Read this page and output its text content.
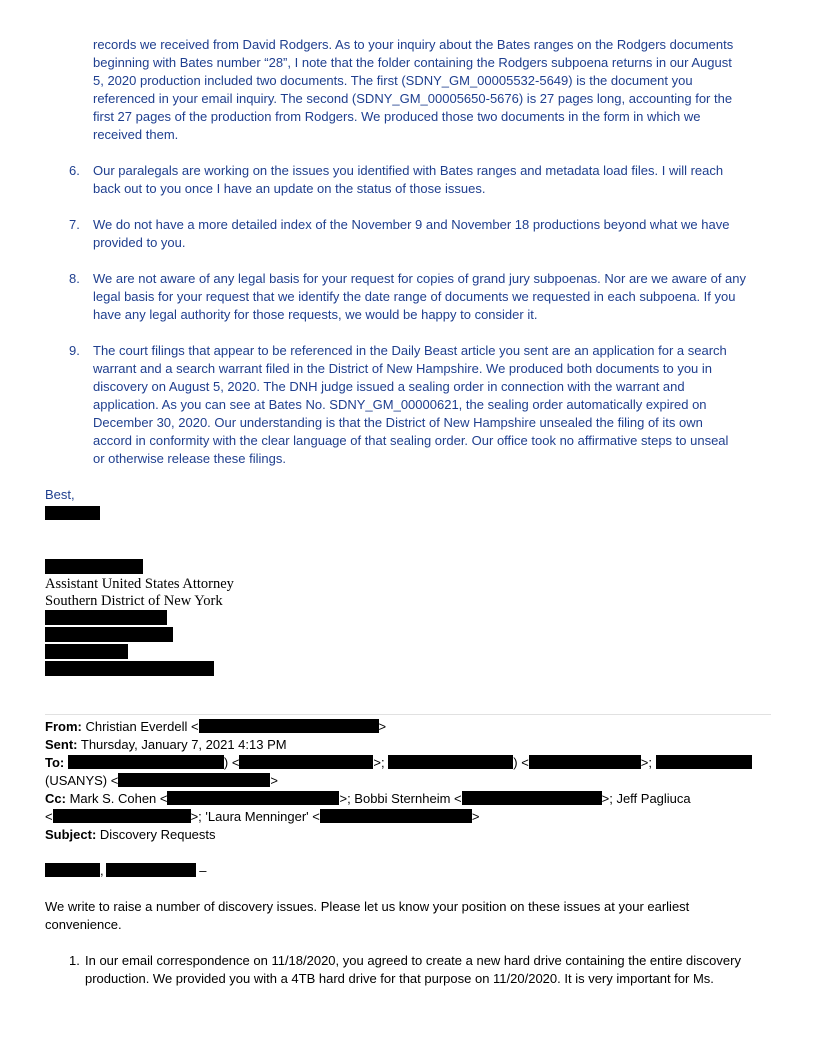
records we received from David Rodgers. As to your inquiry about the Bates ranges on the Rodgers documents
beginning with Bates number “28”, I note that the folder containing the Rodgers subpoena returns in our August
5, 2020 production included two documents. The first (SDNY_GM_00005532-5649) is the document you
referenced in your email inquiry. The second (SDNY_GM_00005650-5676) is 27 pages long, accounting for the
first 27 pages of the production from Rodgers. We produced those two documents in the form in which we
received them.
6. Our paralegals are working on the issues you identified with Bates ranges and metadata load files. I will reach
back out to you once I have an update on the status of those issues.
7. We do not have a more detailed index of the November 9 and November 18 productions beyond what we have
provided to you.
8. We are not aware of any legal basis for your request for copies of grand jury subpoenas. Nor are we aware of any
legal basis for your request that we identify the date range of documents we requested in each subpoena. If you
have any legal authority for those requests, we would be happy to consider it.
9. The court filings that appear to be referenced in the Daily Beast article you sent are an application for a search
warrant and a search warrant filed in the District of New Hampshire. We produced both documents to you in
discovery on August 5, 2020. The DNH judge issued a sealing order in connection with the warrant and
application. As you can see at Bates No. SDNY_GM_00000621, the sealing order automatically expired on
December 30, 2020. Our understanding is that the District of New Hampshire unsealed the filing of its own
accord in conformity with the clear language of that sealing order. Our office took no affirmative steps to unseal
or otherwise release these filings.
Best,
Assistant United States Attorney
Southern District of New York
From: Christian Everdell <	>
Sent: Thursday, January 7, 2021 4:13 PM
To:	) <	>;	) <	>;
(USANYS) <	>
Cc: Mark S. Cohen <	>; Bobbi Sternheim <	>; Jeff Pagliuca
<	>; 'Laura Menninger' <	>
Subject: Discovery Requests
,	–
We write to raise a number of discovery issues. Please let us know your position on these issues at your earliest
convenience.
1. In our email correspondence on 11/18/2020, you agreed to create a new hard drive containing the entire discovery
production. We provided you with a 4TB hard drive for that purpose on 11/20/2020. It is very important for Ms.
